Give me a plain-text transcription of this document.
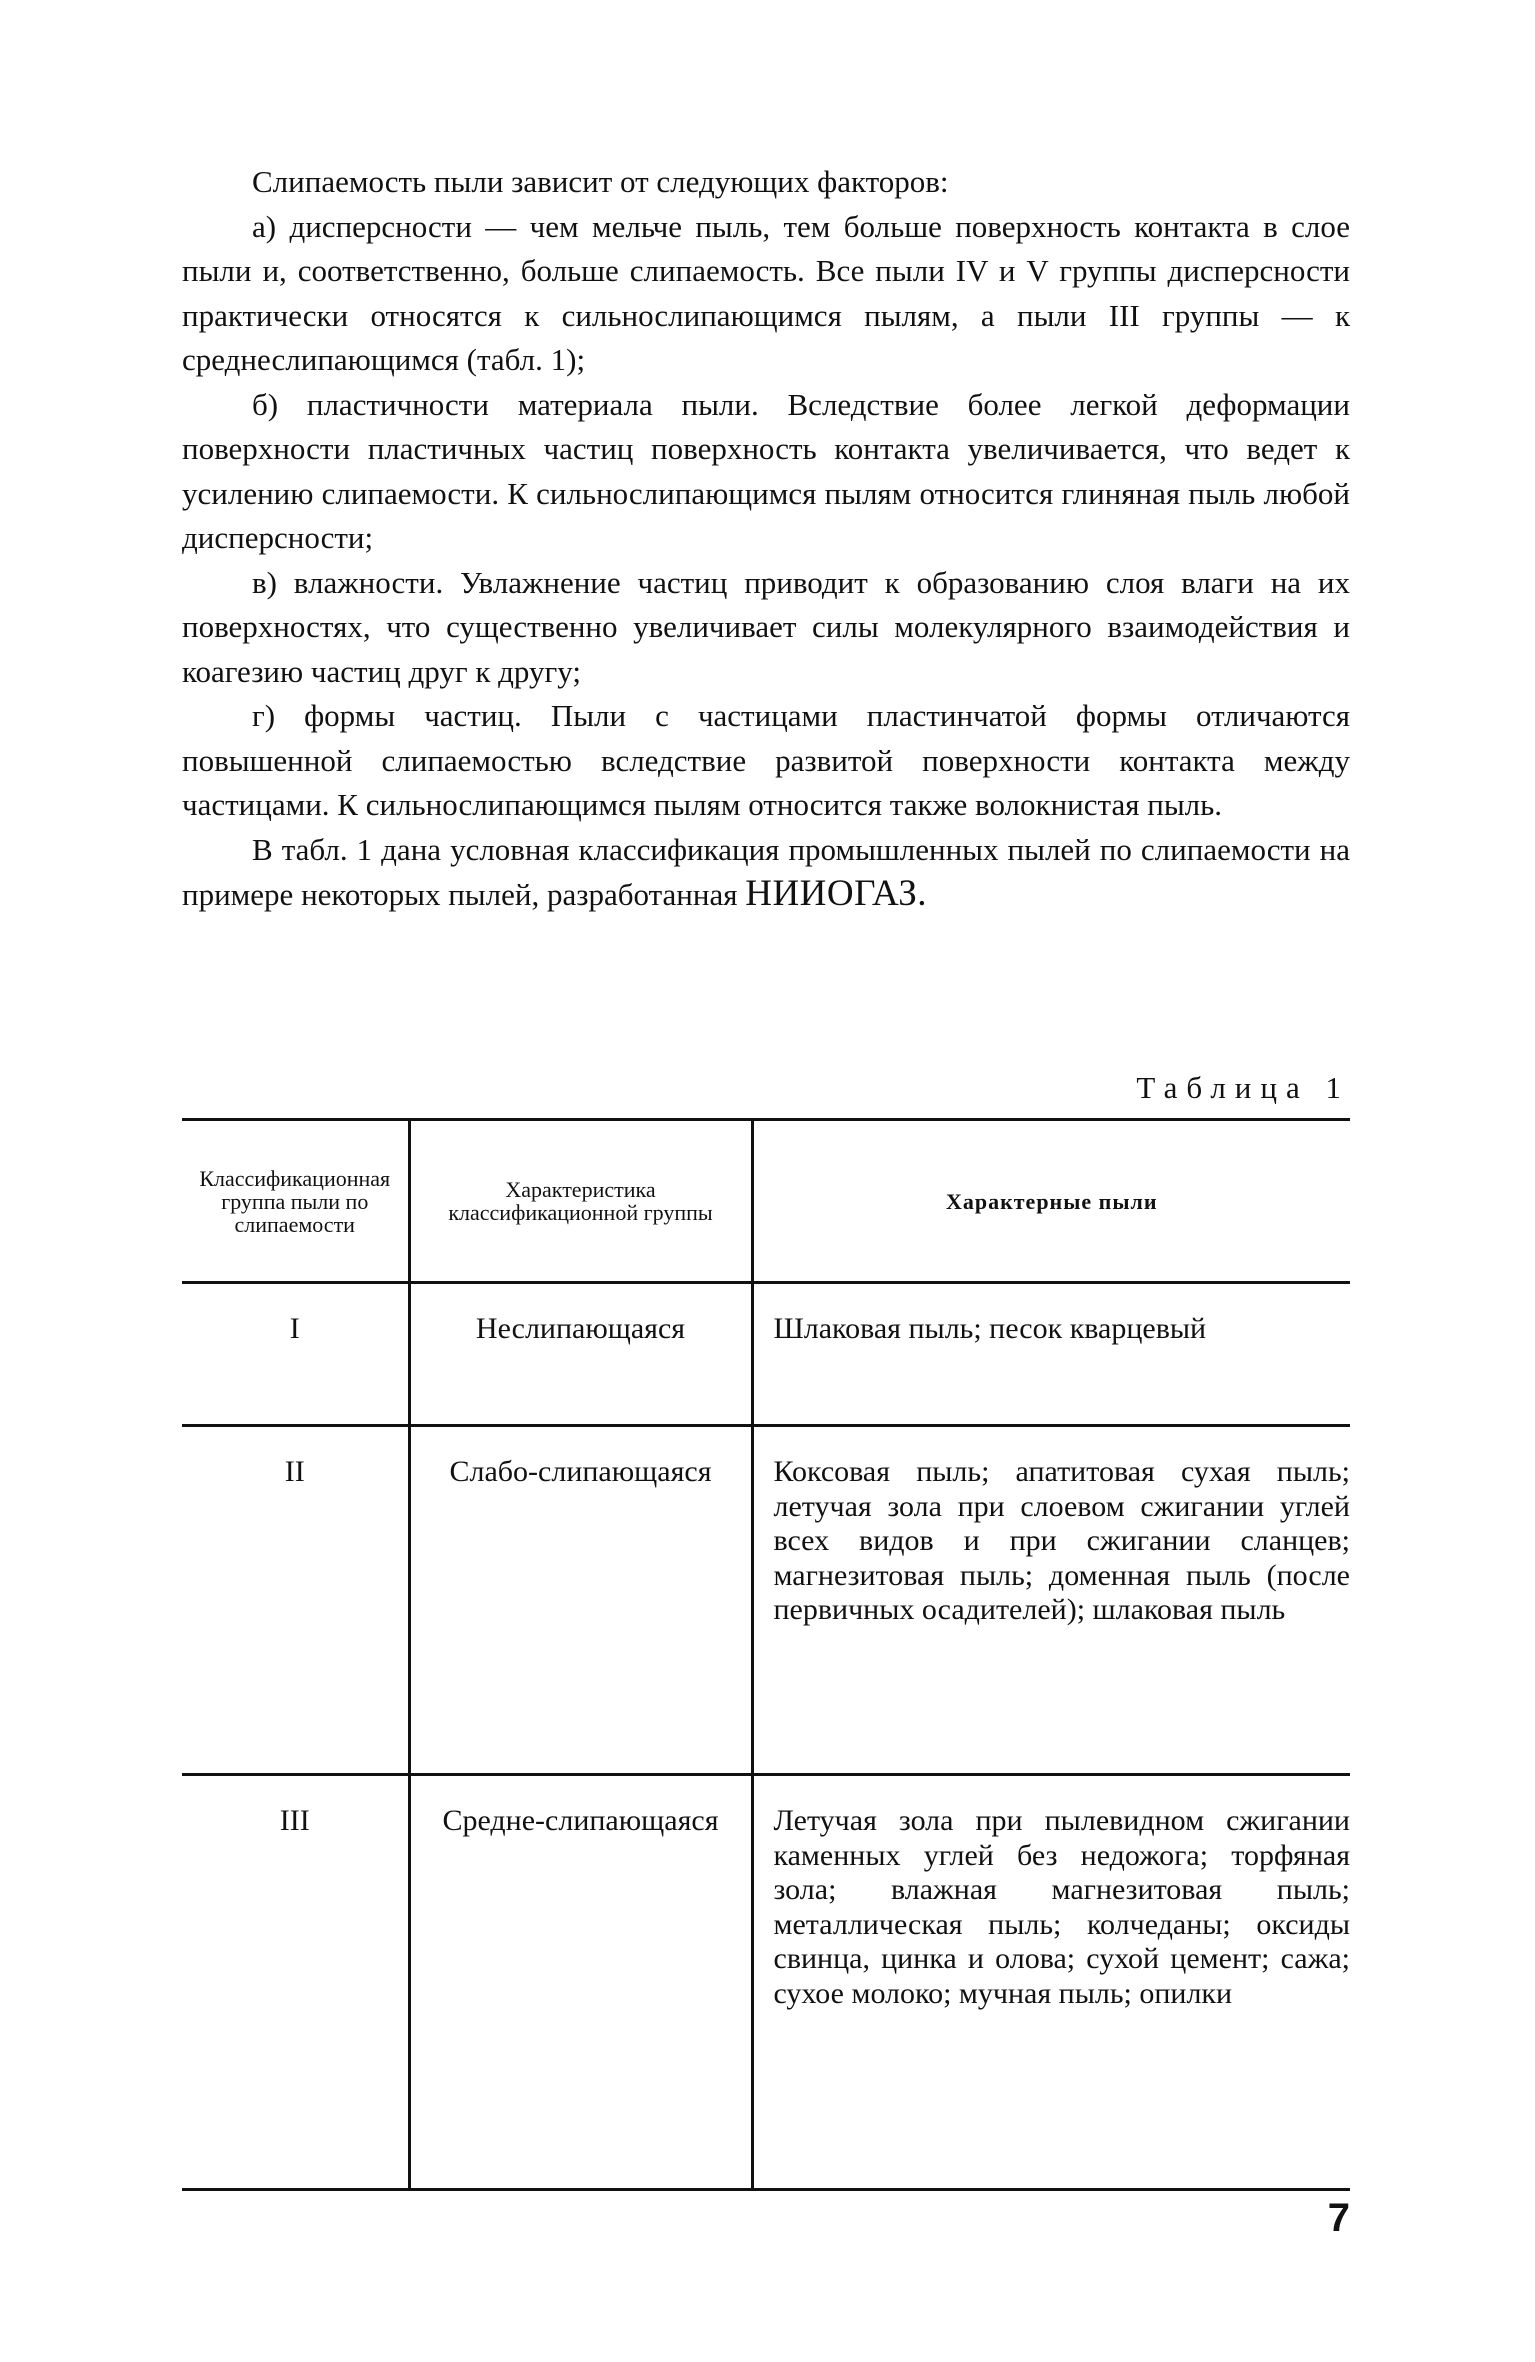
Слипаемость пыли зависит от следующих факторов:

а) дисперсности — чем мельче пыль, тем больше поверхность контакта в слое пыли и, соответственно, больше слипаемость. Все пыли IV и V группы дисперсности практически относятся к сильнослипающимся пылям, а пыли III группы — к среднеслипающимся (табл. 1);

б) пластичности материала пыли. Вследствие более легкой деформации поверхности пластичных частиц поверхность контакта увеличивается, что ведет к усилению слипаемости. К сильнослипающимся пылям относится глиняная пыль любой дисперсности;

в) влажности. Увлажнение частиц приводит к образованию слоя влаги на их поверхностях, что существенно увеличивает силы молекулярного взаимодействия и коагезию частиц друг к другу;

г) формы частиц. Пыли с частицами пластинчатой формы отличаются повышенной слипаемостью вследствие развитой поверхности контакта между частицами. К сильнослипающимся пылям относится также волокнистая пыль.

В табл. 1 дана условная классификация промышленных пылей по слипаемости на примере некоторых пылей, разработанная НИИОГАЗ.

Таблица 1
Классификационная группа пыли по слипаемости	Характеристика классификационной группы	Характерные пыли
I	Неслипающаяся	Шлаковая пыль; песок кварцевый
II	Слабо-слипающаяся	Коксовая пыль; апатитовая сухая пыль; летучая зола при слоевом сжигании углей всех видов и при сжигании сланцев; магнезитовая пыль; доменная пыль (после первичных осадителей); шлаковая пыль
III	Средне-слипающаяся	Летучая зола при пылевидном сжигании каменных углей без недожога; торфяная зола; влажная магнезитовая пыль; металлическая пыль; колчеданы; оксиды свинца, цинка и олова; сухой цемент; сажа; сухое молоко; мучная пыль; опилки
7
